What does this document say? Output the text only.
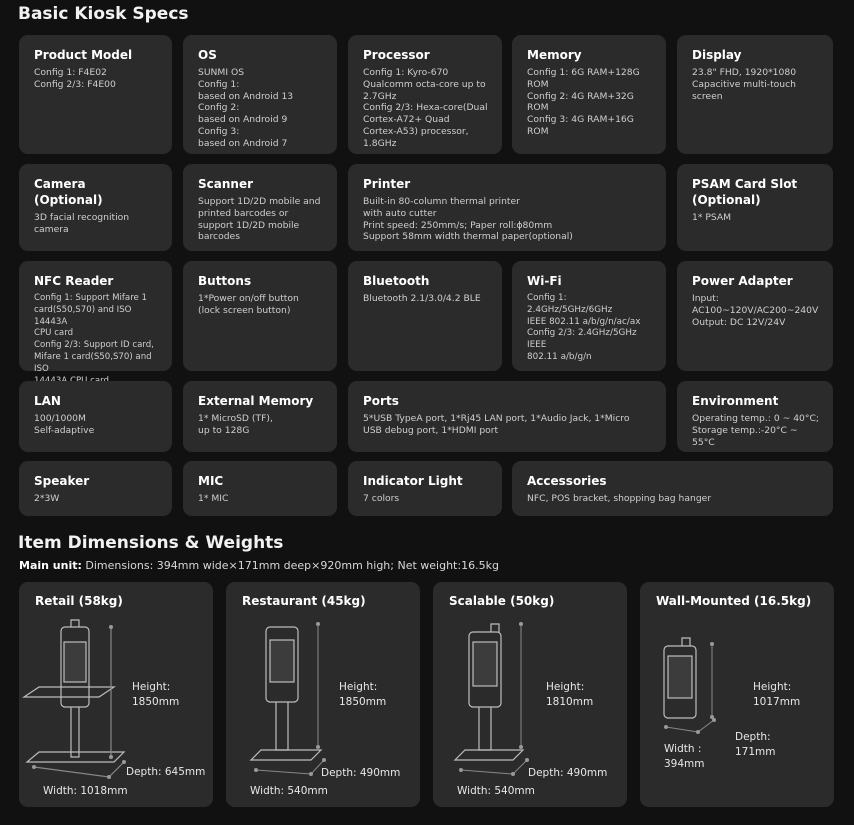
Basic Kiosk Specs
Product Model
Config 1: F4E02
Config 2/3: F4E00
OS
SUNMI OS
Config 1:
based on Android 13
Config 2:
based on Android 9
Config 3:
based on Android 7
Processor
Config 1: Kyro-670
Qualcomm octa-core up to
2.7GHz
Config 2/3: Hexa-core(Dual
Cortex-A72+ Quad
Cortex-A53) processor,
1.8GHz
Memory
Config 1: 6G RAM+128G ROM
Config 2: 4G RAM+32G ROM
Config 3: 4G RAM+16G ROM
Display
23.8" FHD, 1920*1080
Capacitive multi-touch
screen
Camera (Optional)
3D facial recognition
camera
Scanner
Support 1D/2D mobile and
printed barcodes or
support 1D/2D mobile
barcodes
Printer
Built-in 80-column thermal printer
with auto cutter
Print speed: 250mm/s; Paper roll:ϕ80mm
Support 58mm width thermal paper(optional)
PSAM Card Slot
(Optional)
1* PSAM
NFC Reader
Config 1: Support Mifare 1
card(S50,S70) and ISO 14443A
CPU card
Config 2/3: Support ID card,
Mifare 1 card(S50,S70) and ISO

Buttons
1*Power on/off button
(lock screen button)
Bluetooth
Bluetooth 2.1/3.0/4.2 BLE
Wi-Fi
Config 1: 2.4GHz/5GHz/6GHz
IEEE 802.11 a/b/g/n/ac/ax
Config 2/3: 2.4GHz/5GHz IEEE
802.11 a/b/g/n
Power Adapter
Input:
AC100~120V/AC200~240V
Output: DC 12V/24V
LAN
100/1000M
Self-adaptive
External Memory
1* MicroSD (TF),
up to 128G
Ports
5*USB TypeA port, 1*Rj45 LAN port, 1*Audio Jack, 1*Micro
USB debug port, 1*HDMI port
Environment
Operating temp.: 0 ~ 40°C;
Storage temp.:-20°C ~ 55°C
Speaker
2*3W
MIC
1* MIC
Indicator Light
7 colors
Accessories
NFC, POS bracket, shopping bag hanger
Item Dimensions & Weights
Main unit: Dimensions: 394mm wide×171mm deep×920mm high; Net weight:16.5kg
Retail (58kg)
Height:
1850mm
Depth: 645mm
Width: 1018mm
Restaurant (45kg)
Height:
1850mm
Depth: 490mm
Width: 540mm
Scalable (50kg)
Height:
1810mm
Depth: 490mm
Width: 540mm
Wall-Mounted (16.5kg)
Height:
1017mm
Depth:
171mm
Width :
394mm
